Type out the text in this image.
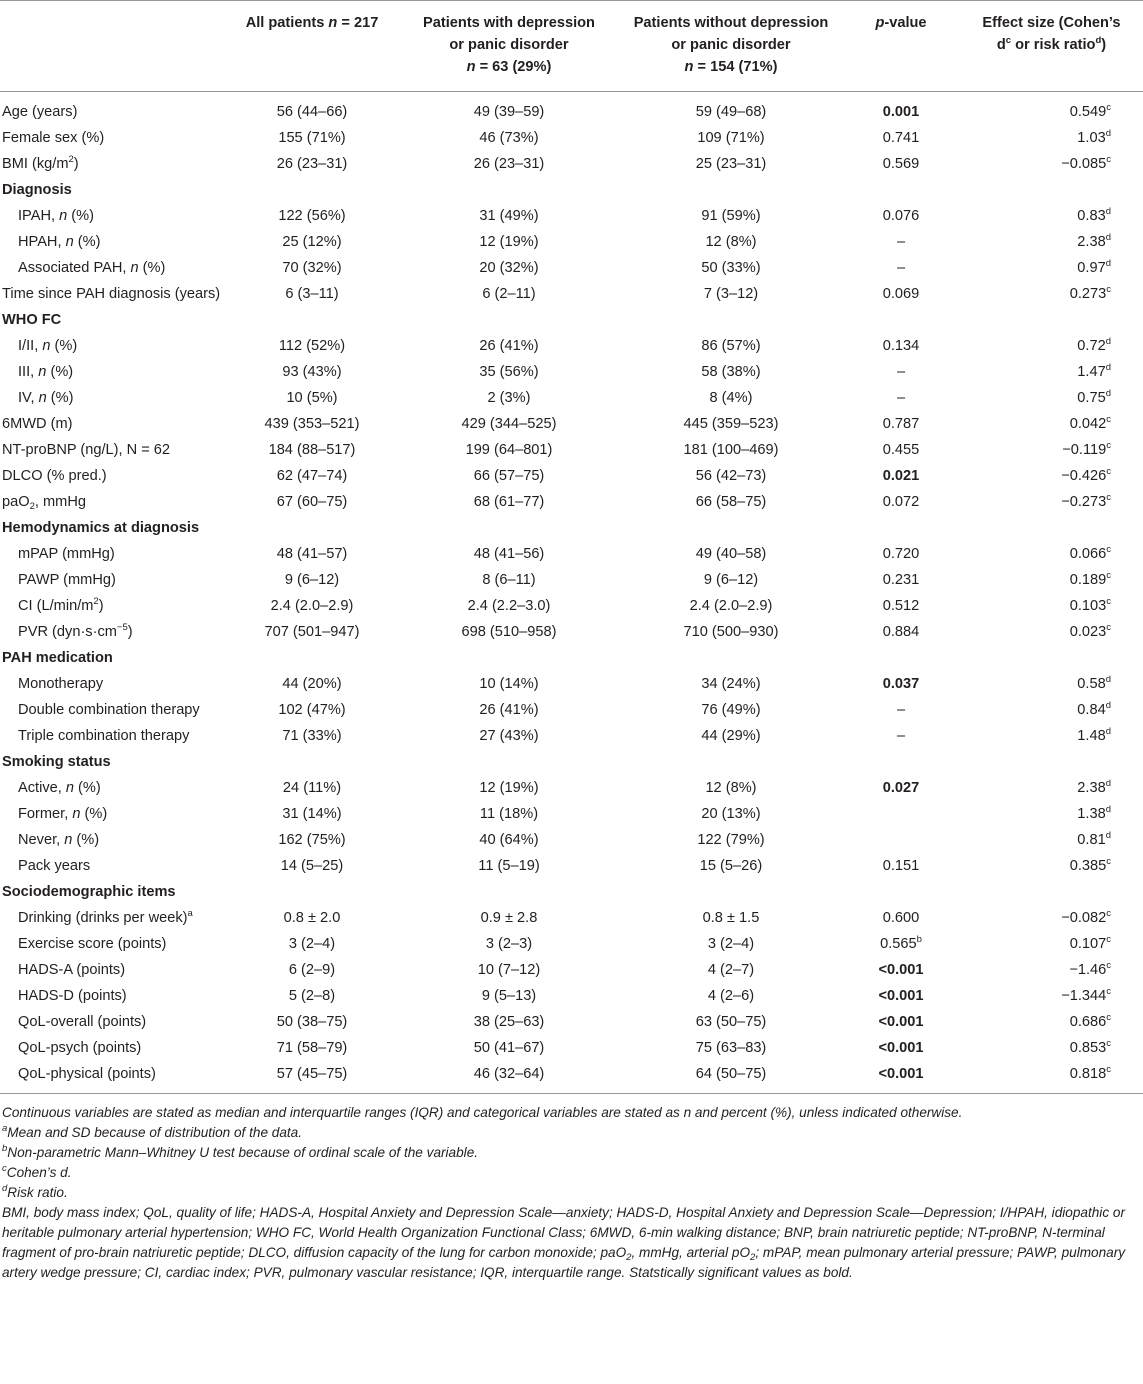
	All patients n = 217	Patients with depression
or panic disorder
n = 63 (29%)	Patients without depression
or panic disorder
n = 154 (71%)	p-value	Effect size (Cohen’s
$d^c$ or risk ratio$^d$)

Age (years)	56 (44–66)	49 (39–59)	59 (49–68)	0.001	0.549$^c$
Female sex (%)	155 (71%)	46 (73%)	109 (71%)	0.741	1.03$^d$
BMI $(kg/m^2)$	26 (23–31)	26 (23–31)	25 (23–31)	0.569	−0.085$^c$
Diagnosis					
IPAH, n (%)	122 (56%)	31 (49%)	91 (59%)	0.076	0.83$^d$
HPAH, n (%)	25 (12%)	12 (19%)	12 (8%)	–	2.38$^d$
Associated PAH, n (%)	70 (32%)	20 (32%)	50 (33%)	–	0.97$^d$
Time since PAH diagnosis (years)	6 (3–11)	6 (2–11)	7 (3–12)	0.069	0.273$^c$
WHO FC					
I/II, n (%)	112 (52%)	26 (41%)	86 (57%)	0.134	0.72$^d$
III, n (%)	93 (43%)	35 (56%)	58 (38%)	–	1.47$^d$
IV, n (%)	10 (5%)	2 (3%)	8 (4%)	–	0.75$^d$
6MWD (m)	439 (353–521)	429 (344–525)	445 (359–523)	0.787	0.042$^c$
NT-proBNP (ng/L), N = 62	184 (88–517)	199 (64–801)	181 (100–469)	0.455	−0.119$^c$
DLCO (% pred.)	62 (47–74)	66 (57–75)	56 (42–73)	0.021	−0.426$^c$
paO$_2$, mmHg	67 (60–75)	68 (61–77)	66 (58–75)	0.072	−0.273$^c$
Hemodynamics at diagnosis					
mPAP (mmHg)	48 (41–57)	48 (41–56)	49 (40–58)	0.720	0.066$^c$
PAWP (mmHg)	9 (6–12)	8 (6–11)	9 (6–12)	0.231	0.189$^c$
CI $(L/\min/m^2)$	2.4 (2.0–2.9)	2.4 (2.2–3.0)	2.4 (2.0–2.9)	0.512	0.103$^c$
PVR $(dyn\cdot s\cdot cm^{-5})$	707 (501–947)	698 (510–958)	710 (500–930)	0.884	0.023$^c$
PAH medication					
Monotherapy	44 (20%)	10 (14%)	34 (24%)	0.037	0.58$^d$
Double combination therapy	102 (47%)	26 (41%)	76 (49%)	–	0.84$^d$
Triple combination therapy	71 (33%)	27 (43%)	44 (29%)	–	1.48$^d$
Smoking status					
Active, n (%)	24 (11%)	12 (19%)	12 (8%)	0.027	2.38$^d$
Former, n (%)	31 (14%)	11 (18%)	20 (13%)		1.38$^d$
Never, n (%)	162 (75%)	40 (64%)	122 (79%)		0.81$^d$
Pack years	14 (5–25)	11 (5–19)	15 (5–26)	0.151	0.385$^c$
Sociodemographic items					
Drinking (drinks per week)$^a$	0.8 ± 2.0	0.9 ± 2.8	0.8 ± 1.5	0.600	−0.082$^c$
Exercise score (points)	3 (2–4)	3 (2–3)	3 (2–4)	0.565$^b$	0.107$^c$
HADS-A (points)	6 (2–9)	10 (7–12)	4 (2–7)	<0.001	−1.46$^c$
HADS-D (points)	5 (2–8)	9 (5–13)	4 (2–6)	<0.001	−1.344$^c$
QoL-overall (points)	50 (38–75)	38 (25–63)	63 (50–75)	<0.001	0.686$^c$
QoL-psych (points)	71 (58–79)	50 (41–67)	75 (63–83)	<0.001	0.853$^c$
QoL-physical (points)	57 (45–75)	46 (32–64)	64 (50–75)	<0.001	0.818$^c$
Continuous variables are stated as median and interquartile ranges (IQR) and categorical variables are stated as n and percent (%), unless indicated otherwise.
$^a$Mean and SD because of distribution of the data.
$^b$Non-parametric Mann–Whitney U test because of ordinal scale of the variable.
$^c$Cohen’s d.
$^d$Risk ratio.
BMI, body mass index; QoL, quality of life; HADS-A, Hospital Anxiety and Depression Scale—anxiety; HADS-D, Hospital Anxiety and Depression Scale—Depression; I/HPAH, idiopathic or heritable pulmonary arterial hypertension; WHO FC, World Health Organization Functional Class; 6MWD, 6-min walking distance; BNP, brain natriuretic peptide; NT-proBNP, N-terminal fragment of pro-brain natriuretic peptide; DLCO, diffusion capacity of the lung for carbon monoxide; paO$_2$, mmHg, arterial $pO_2$; mPAP, mean pulmonary arterial pressure; PAWP, pulmonary artery wedge pressure; CI, cardiac index; PVR, pulmonary vascular resistance; IQR, interquartile range. Statstically significant values as bold.
